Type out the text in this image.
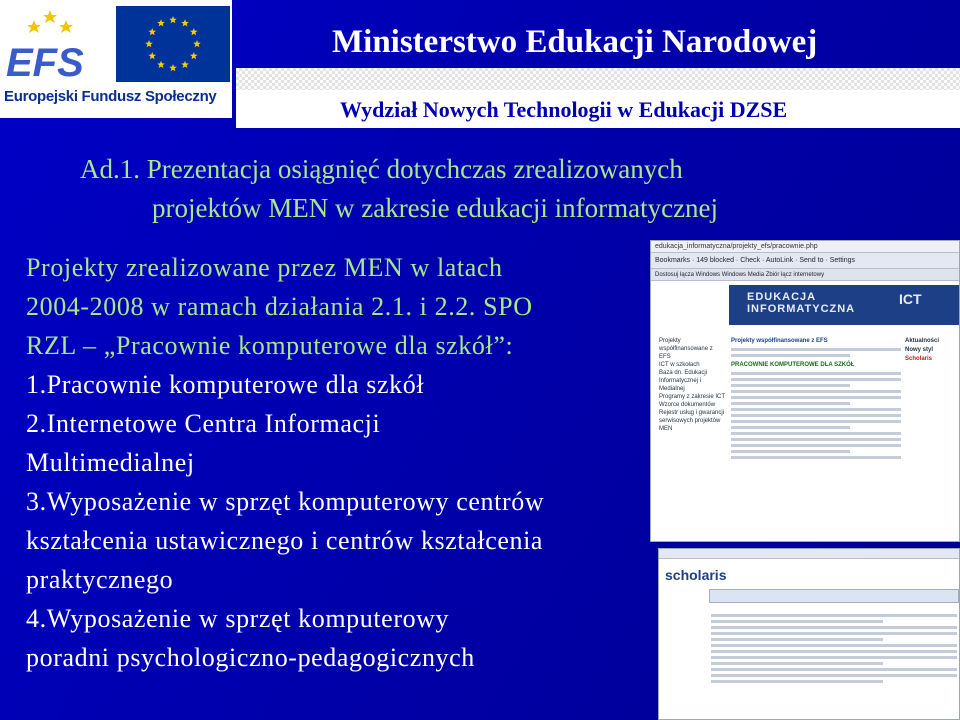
EFS
Europejski Fundusz Społeczny
Ministerstwo Edukacji Narodowej
Wydział Nowych Technologii w Edukacji DZSE
Ad.1. Prezentacja osiągnięć dotychczas zrealizowanych
projektów MEN w zakresie edukacji informatycznej
Projekty zrealizowane przez MEN w latach
2004-2008 w ramach działania 2.1. i 2.2. SPO
RZL – „Pracownie komputerowe dla szkół”:
1.Pracownie komputerowe dla szkół
2.Internetowe Centra Informacji
Multimedialnej
3.Wyposażenie w sprzęt komputerowy centrów
kształcenia ustawicznego i centrów kształcenia
praktycznego
4.Wyposażenie w sprzęt komputerowy
poradni psychologiczno-pedagogicznych
edukacja_informatyczna/projekty_efs/pracownie.php
Bookmarks · 149 blocked · Check · AutoLink · Send to · Settings
Dostosuj łącza Windows Windows Media Zbiór łącz internetowy
EDUKACJA
INFORMATYCZNA
ICT
Projekty współfinansowane z EFS
ICT w szkołach
Baza dn. Edukacji Informatycznej i Medialnej
Programy z zakresie ICT
Wzorce dokumentów
Rejestr usług i gwarancji serwisowych projektów MEN
Projekty współfinansowane z EFS
PRACOWNIE KOMPUTEROWE DLA SZKÓŁ
Aktualności
Nowy styl
Scholaris
scholaris
